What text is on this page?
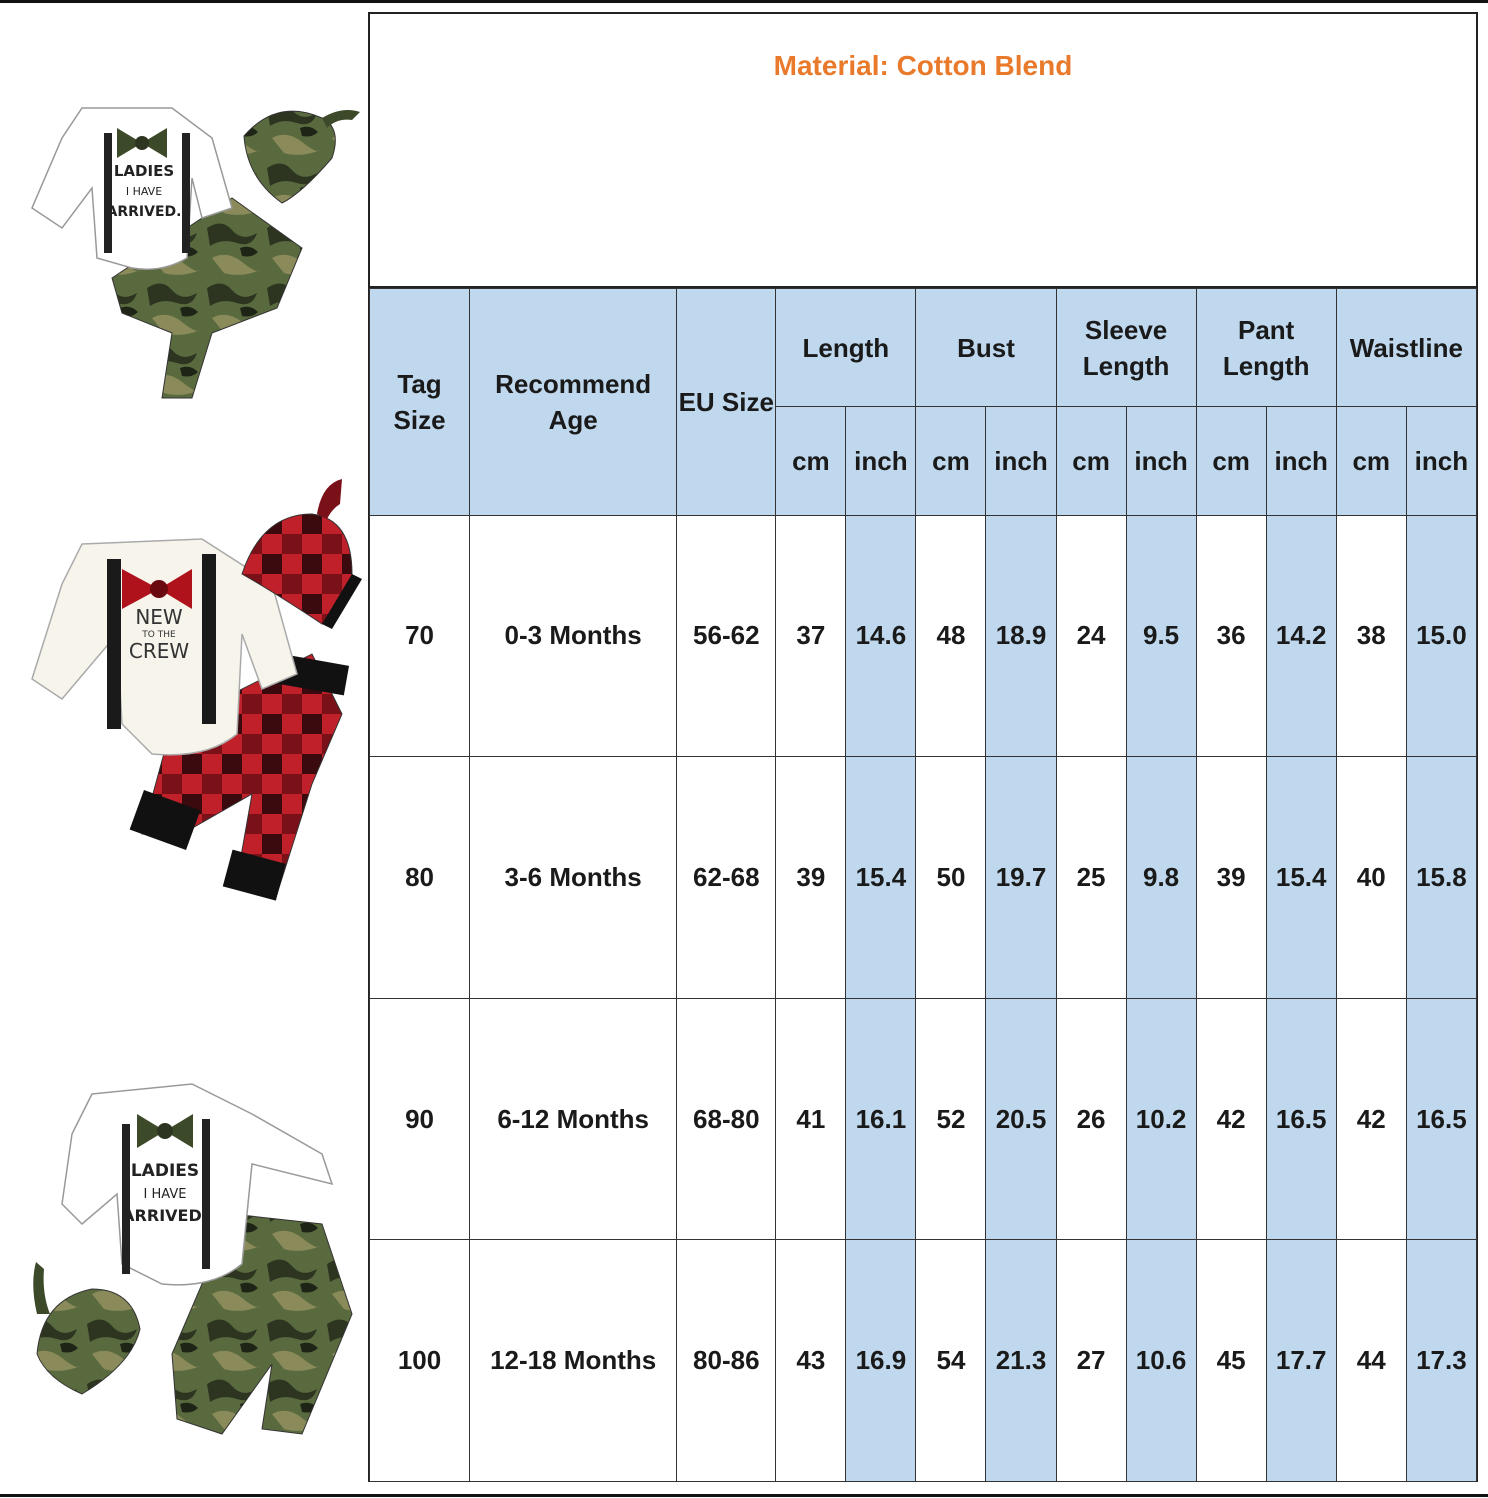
LADIES
I HAVE
ARRIVED.
NEW
TO THE
CREW
LADIES
I HAVE
ARRIVED.
Material: Cotton Blend
Tag Size	Recommend Age	EU Size	Length		Bust		Sleeve Length		Pant Length		Waistline	
			cm	inch	cm	inch	cm	inch	cm	inch	cm	inch
70	0-3 Months	56-62	37	14.6	48	18.9	24	9.5	36	14.2	38	15.0
80	3-6 Months	62-68	39	15.4	50	19.7	25	9.8	39	15.4	40	15.8
90	6-12 Months	68-80	41	16.1	52	20.5	26	10.2	42	16.5	42	16.5
100	12-18 Months	80-86	43	16.9	54	21.3	27	10.6	45	17.7	44	17.3
